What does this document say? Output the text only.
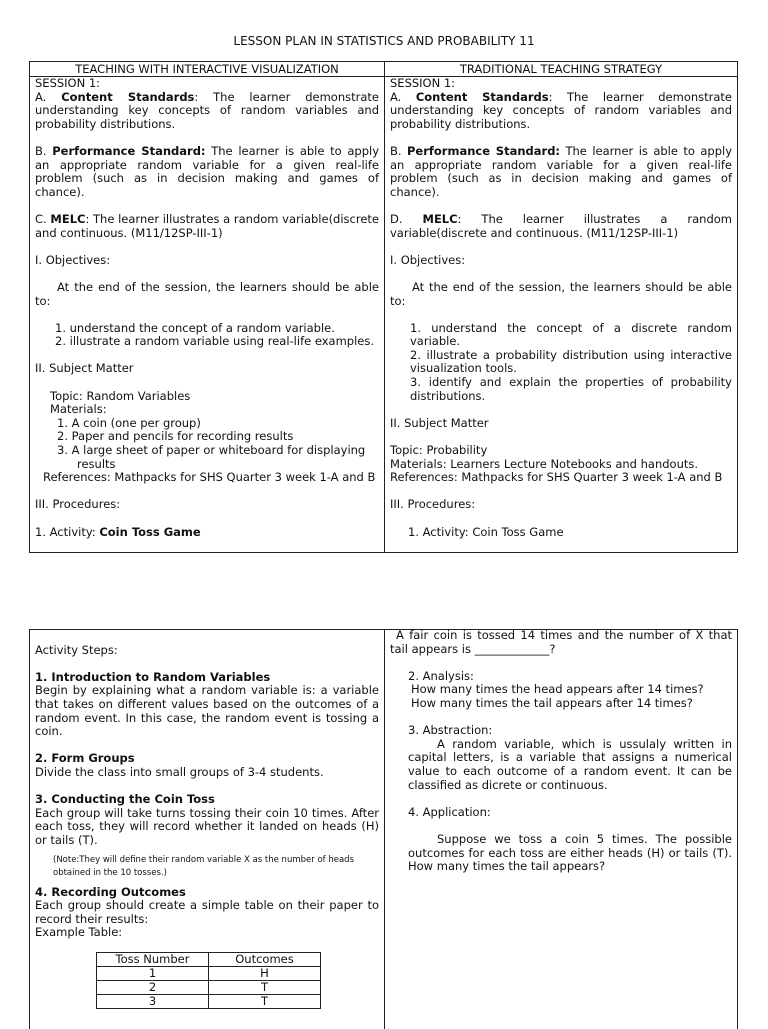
LESSON PLAN IN STATISTICS AND PROBABILITY 11
TEACHING WITH INTERACTIVE VISUALIZATION

SESSION 1:

A. Content Standards: The learner demonstrate understanding key concepts of random variables and probability distributions.

B. Performance Standard: The learner is able to apply an appropriate random variable for a given real-life problem (such as in decision making and games of chance).

C. MELC: The learner illustrates a random variable(discrete and continuous. (M11/12SP-III-1)

I. Objectives:

At the end of the session, the learners should be able to:

1. understand the concept of a random variable.

2. illustrate a random variable using real-life examples.

II. Subject Matter

Topic: Random Variables

Materials:

1. A coin (one per group)

2. Paper and pencils for recording results

3. A large sheet of paper or whiteboard for displaying results

References: Mathpacks for SHS Quarter 3 week 1-A and B

III. Procedures:

1. Activity: Coin Toss Game

TRADITIONAL TEACHING STRATEGY

SESSION 1:

A. Content Standards: The learner demonstrate understanding key concepts of random variables and probability distributions.

B. Performance Standard: The learner is able to apply an appropriate random variable for a given real-life problem (such as in decision making and games of chance).

D. MELC: The learner illustrates a random variable(discrete and continuous. (M11/12SP-III-1)

I. Objectives:

At the end of the session, the learners should be able to:

1. understand the concept of a discrete random variable.

2. illustrate a probability distribution using interactive visualization tools.

3. identify and explain the properties of probability distributions.

II. Subject Matter

Topic: Probability

Materials: Learners Lecture Notebooks and handouts.

References: Mathpacks for SHS Quarter 3 week 1-A and B

III. Procedures:

1. Activity: Coin Toss Game

Activity Steps:

1. Introduction to Random Variables

Begin by explaining what a random variable is: a variable that takes on different values based on the outcomes of a random event. In this case, the random event is tossing a coin.

2. Form Groups

Divide the class into small groups of 3-4 students.

3. Conducting the Coin Toss

Each group will take turns tossing their coin 10 times. After each toss, they will record whether it landed on heads (H) or tails (T).

(Note:They will define their random variable X as the number of heads obtained in the 10 tosses.)

4. Recording Outcomes

Each group should create a simple table on their paper to record their results:

Example Table:

Toss Number	Outcomes
1	H
2	T
3	T

A fair coin is tossed 14 times and the number of X that tail appears is _____________?

2. Analysis:

How many times the head appears after 14 times?

How many times the tail appears after 14 times?

3. Abstraction:

A random variable, which is ussulaly written in capital letters, is a variable that assigns a numerical value to each outcome of a random event. It can be classified as dicrete or continuous.

4. Application:

Suppose we toss a coin 5 times. The possible outcomes for each toss are either heads (H) or tails (T). How many times the tail appears?
